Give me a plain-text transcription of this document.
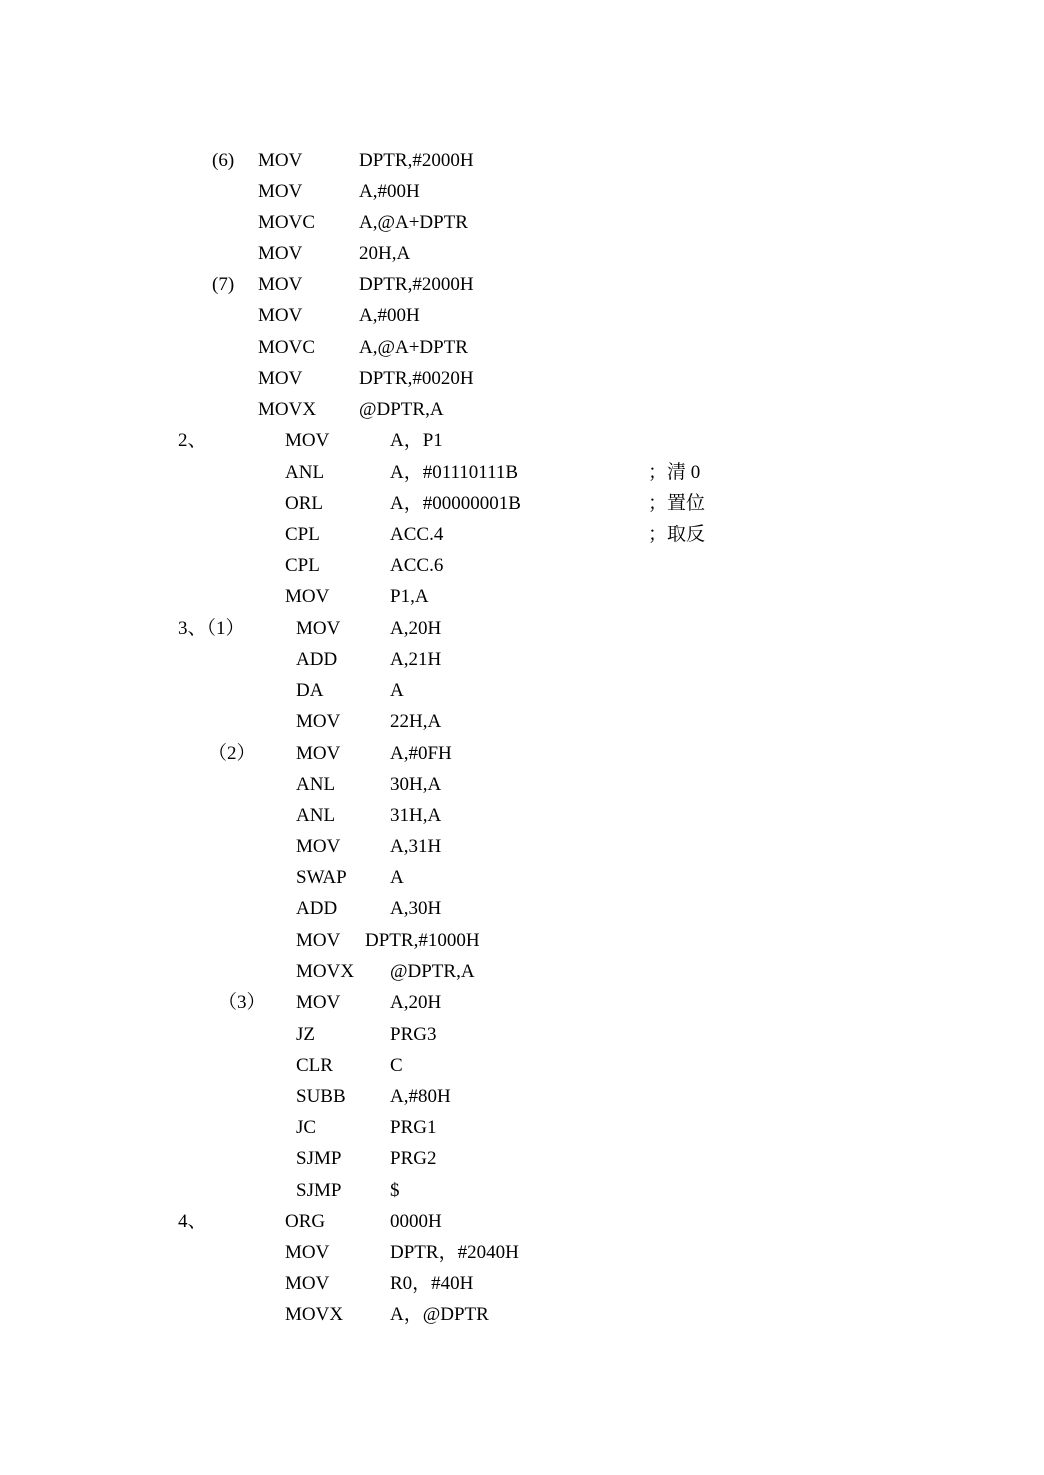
(6) MOV	DPTR,#2000H
MOV	A,#00H
MOVC A,@A+DPTR
MOV	20H,A
(7) MOV	DPTR,#2000H
MOV	A,#00H
MOVC A,@A+DPTR
MOV	DPTR,#0020H
MOVX @DPTR,A
2、	MOV	A，P1
ANL	A，#01110111B	；清 0
ORL	A，#00000001B	；置位
CPL	ACC.4	；取反
CPL	ACC.6
MOV	P1,A
3、（1）	MOV	A,20H
ADD	A,21H
DA	A
MOV	22H,A
（2） MOV	A,#0FH
ANL	30H,A
ANL	31H,A
MOV	A,31H
SWAP A
ADD	A,30H
MOV DPTR,#1000H
MOVX @DPTR,A
（3） MOV	A,20H
JZ	PRG3
CLR	C
SUBB A,#80H
JC	PRG1
SJMP	PRG2
SJMP	$
4、	ORG	0000H
MOV	DPTR，#2040H
MOV	R0，#40H
MOVX A，@DPTR
